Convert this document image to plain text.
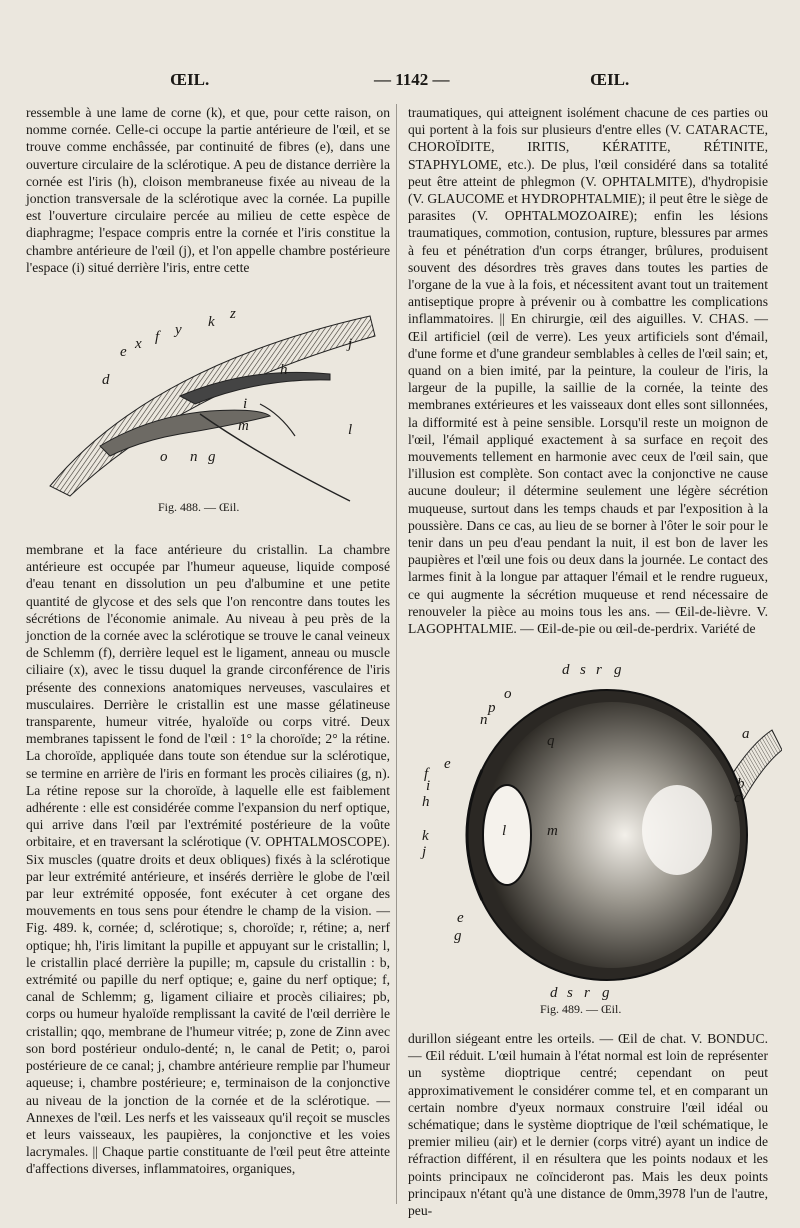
ŒIL.	— 1142 —	ŒIL.

ressemble à une lame de corne (k), et que, pour cette raison, on nomme cornée. Celle-ci occupe la partie antérieure de l'œil, et se trouve comme enchâssée, par continuité de fibres (e), dans une ouverture circulaire de la sclérotique. A peu de distance derrière la cornée est l'iris (h), cloison membraneuse fixée au niveau de la jonction transversale de la sclérotique avec la cornée. La pupille est l'ouverture circulaire percée au milieu de cette espèce de diaphragme; l'espace compris entre la cornée et l'iris constitue la chambre antérieure de l'œil (j), et l'on appelle chambre postérieure l'espace (i) situé derrière l'iris, entre cette

x f y k z
e	j
d
h
i
m	l
o n g
Fig. 488. — Œil.

membrane et la face antérieure du cristallin. La chambre antérieure est occupée par l'humeur aqueuse, liquide composé d'eau tenant en dissolution un peu d'albumine et une petite quantité de glycose et des sels que l'on rencontre dans toutes les sécrétions de l'économie animale. Au niveau à peu près de la jonction de la cornée avec la sclérotique se trouve le canal veineux de Schlemm (f), derrière lequel est le ligament, anneau ou muscle ciliaire (x), avec le tissu duquel la grande circonférence de l'iris présente des connexions anatomiques nerveuses, vasculaires et musculaires. Derrière le cristallin est une masse gélatineuse transparente, humeur vitrée, hyaloïde ou corps vitré. Deux membranes tapissent le fond de l'œil : 1° la choroïde; 2° la rétine. La choroïde, appliquée dans toute son étendue sur la sclérotique, se termine en arrière de l'iris en formant les procès ciliaires (g, n). La rétine repose sur la choroïde, à laquelle elle est faiblement adhérente : elle est considérée comme l'expansion du nerf optique, qui arrive dans l'œil par l'extrémité postérieure de la voûte orbitaire, et en traversant la sclérotique (V. OPHTALMOSCOPE). Six muscles (quatre droits et deux obliques) fixés à la sclérotique par leur extrémité antérieure, et insérés derrière le globe de l'œil par leur extrémité opposée, font exécuter à cet organe des mouvements en tous sens pour étendre le champ de la vision. — Fig. 489. k, cornée; d, sclérotique; s, choroïde; r, rétine; a, nerf optique; hh, l'iris limitant la pupille et appuyant sur le cristallin; l, le cristallin placé derrière la pupille; m, capsule du cristallin : b, extrémité ou papille du nerf optique; e, gaine du nerf optique; f, canal de Schlemm; g, ligament ciliaire et procès ciliaires; pb, corps ou humeur hyaloïde remplissant la cavité de l'œil derrière le cristallin; qqo, membrane de l'humeur vitrée; p, zone de Zinn avec son bord postérieur ondulo-denté; n, le canal de Petit; o, paroi postérieure de ce canal; j, chambre antérieure remplie par l'humeur aqueuse; i, chambre postérieure; e, terminaison de la conjonctive au niveau de la jonction de la cornée et de la sclérotique. — Annexes de l'œil. Les nerfs et les vaisseaux qu'il reçoit se muscles et leurs vaisseaux, les paupières, la conjonctive et les voies lacrymales. || Chaque partie constituante de l'œil peut être atteinte d'affections diverses, inflammatoires, organiques,

traumatiques, qui atteignent isolément chacune de ces parties ou qui portent à la fois sur plusieurs d'entre elles (V. CATARACTE, CHOROÏDITE, IRITIS, KÉRATITE, RÉTINITE, STAPHYLOME, etc.). De plus, l'œil considéré dans sa totalité peut être atteint de phlegmon (V. OPHTALMITE), d'hydropisie (V. GLAUCOME et HYDROPHTALMIE); il peut être le siège de parasites (V. OPHTALMOZOAIRE); enfin les lésions traumatiques, commotion, contusion, rupture, blessures par armes à feu et pénétration d'un corps étranger, brûlures, produisent souvent des désordres très graves dans toutes les parties de l'organe de la vue à la fois, et nécessitent avant tout un traitement antiseptique propre à prévenir ou à combattre les complications inflammatoires. || En chirurgie, œil des aiguilles. V. CHAS. — Œil artificiel (œil de verre). Les yeux artificiels sont d'émail, d'une forme et d'une grandeur semblables à celles de l'œil sain; et, quand on a bien imité, par la peinture, la couleur de l'iris, la largeur de la pupille, la saillie de la cornée, la teinte des membranes extérieures et les vaisseaux dont elles sont sillonnées, la difformité est à peine sensible. Lorsqu'il reste un moignon de l'œil, l'émail appliqué exactement à sa surface en reçoit des mouvements tellement en harmonie avec ceux de l'œil sain, que l'illusion est complète. Son contact avec la conjonctive ne cause aucune douleur; il détermine seulement une légère sécrétion muqueuse, surtout dans les temps chauds et par l'exposition à la poussière. Dans ce cas, au lieu de se borner à l'ôter le soir pour le tenir dans un peu d'eau pendant la nuit, il est bon de laver les paupières et l'œil une fois ou deux dans la journée. Le contact des larmes finit à la longue par attaquer l'émail et le rendre rugueux, ce qui augmente la sécrétion muqueuse et rend nécessaire de renouveler la pièce au moins tous les ans. — Œil-de-lièvre. V. LAGOPHTALMIE. — Œil-de-pie ou œil-de-perdrix. Variété de

d s r g
o
p
n
a
e
f
i
h
k
b
c
l	m
q
j
e
g
d s r g
Fig. 489. — Œil.

durillon siégeant entre les orteils. — Œil de chat. V. BONDUC. — Œil réduit. L'œil humain à l'état normal est loin de représenter un système dioptrique centré; cependant on peut approximativement le considérer comme tel, et en comparant un certain nombre d'yeux normaux construire l'œil idéal ou schématique; dans le système dioptrique de l'œil schématique, le premier milieu (air) et le dernier (corps vitré) ayant un indice de réfraction différent, il en résultera que les points nodaux et les points principaux ne coïncideront pas. Mais les deux points principaux n'étant qu'à une distance de 0mm,3978 l'un de l'autre, peu-
